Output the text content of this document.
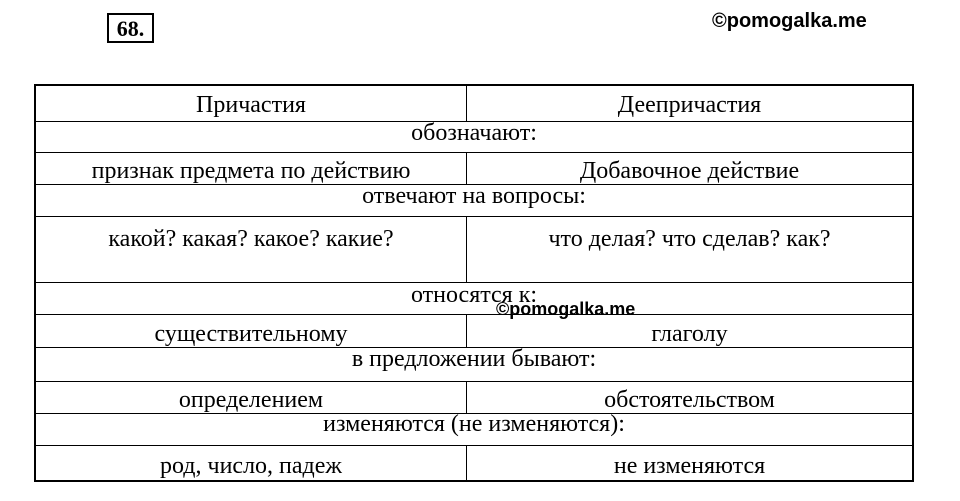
68.	©pomogalka.me
©pomogalka.me
Причастия	Деепричастия
обозначают:
признак предмета по действию	Добавочное действие
отвечают на вопросы:
какой? какая? какое? какие?	что делая? что сделав? как?
относятся к:
существительному	глаголу
в предложении бывают:
определением	обстоятельством
изменяются (не изменяются):
род, число, падеж	не изменяются
